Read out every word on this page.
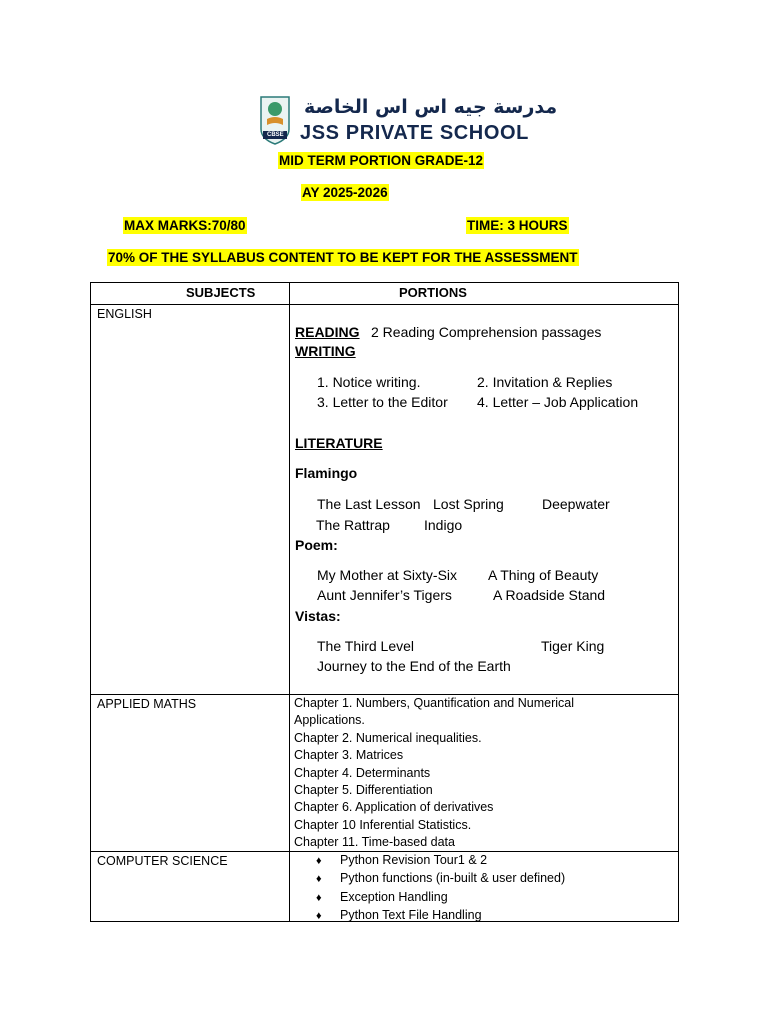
CBSE
مدرسة جيه اس اس الخاصة
JSS PRIVATE SCHOOL
MID TERM PORTION GRADE-12
AY 2025-2026
MAX MARKS:70/80	TIME: 3 HOURS
70% OF THE SYLLABUS CONTENT TO BE KEPT FOR THE ASSESSMENT
SUBJECTS	PORTIONS
ENGLISH
READING 2 Reading Comprehension passages
WRITING
1. Notice writing.	2. Invitation & Replies
3. Letter to the Editor 4. Letter – Job Application
LITERATURE
Flamingo
The Last Lesson Lost Spring	Deepwater
The Rattrap Indigo
Poem:
My Mother at Sixty-Six A Thing of Beauty
Aunt Jennifer’s Tigers	A Roadside Stand
Vistas:
The Third Level	Tiger King
Journey to the End of the Earth
APPLIED MATHS	Chapter 1. Numbers, Quantification and Numerical
Applications.
Chapter 2. Numerical inequalities.
Chapter 3. Matrices
Chapter 4. Determinants
Chapter 5. Differentiation
Chapter 6. Application of derivatives
Chapter 10 Inferential Statistics.
Chapter 11. Time-based data
COMPUTER SCIENCE	♦ Python Revision Tour1 & 2
♦ Python functions (in-built & user defined)
♦ Exception Handling
♦ Python Text File Handling
